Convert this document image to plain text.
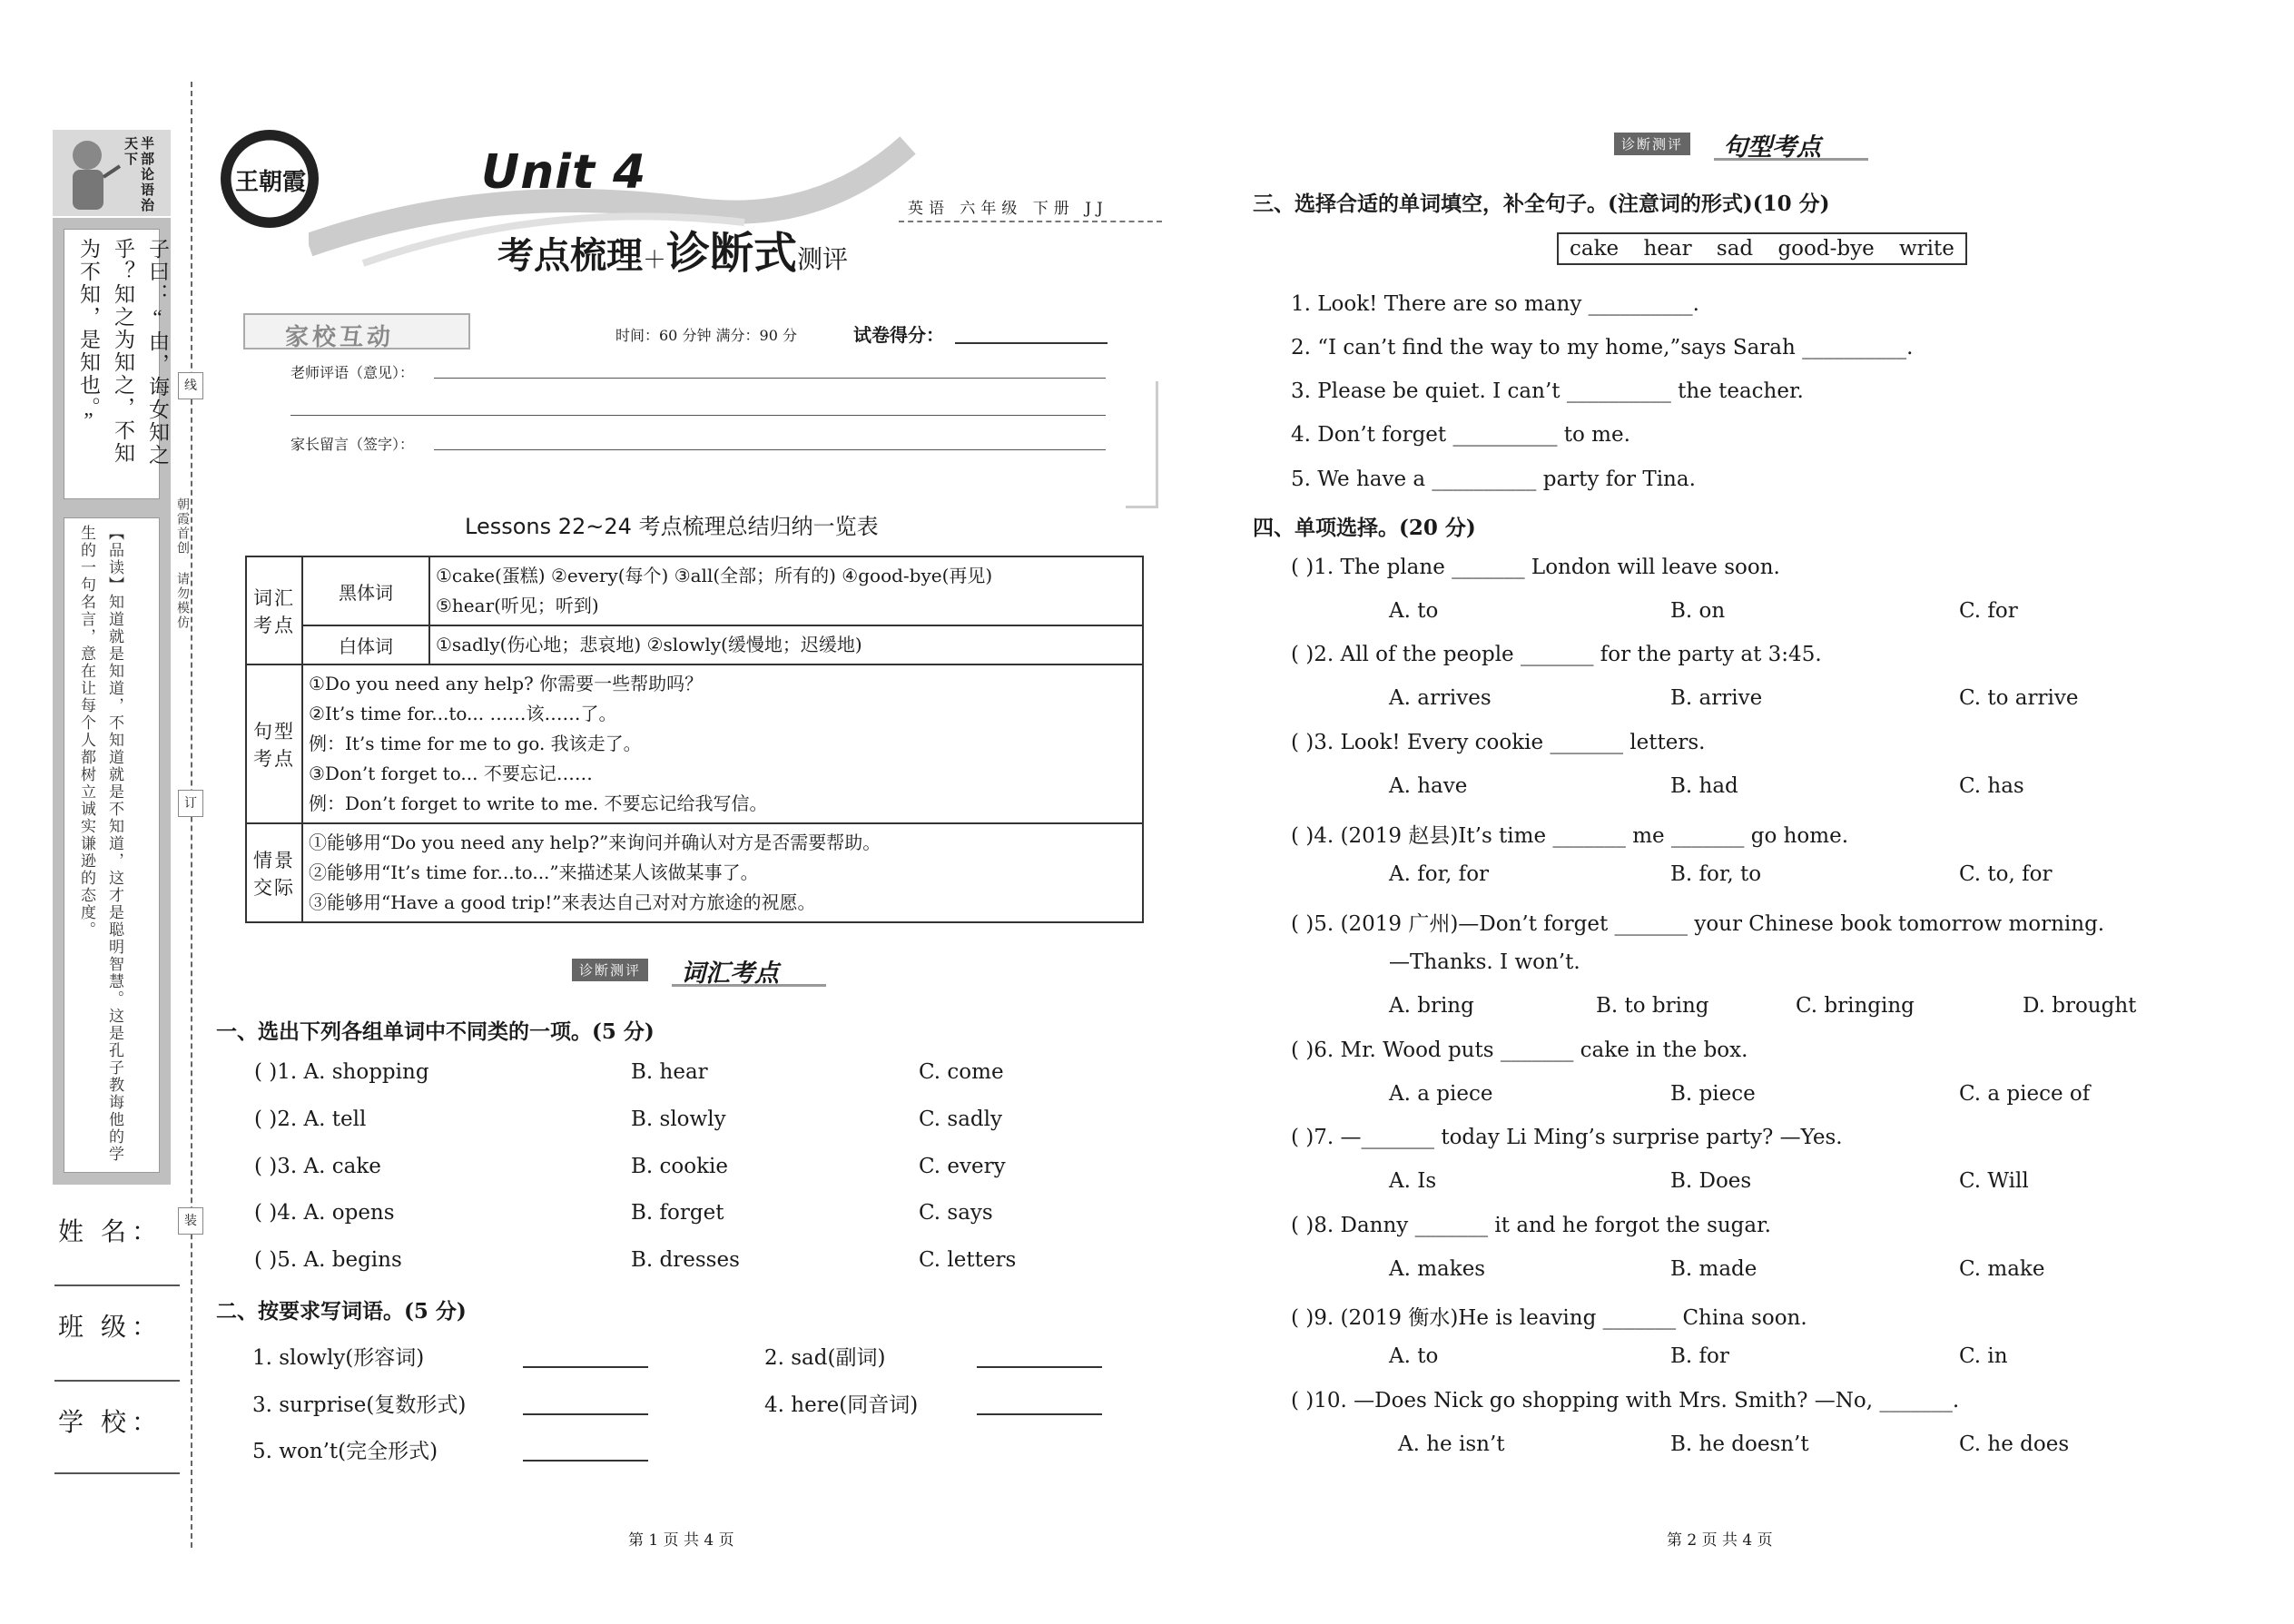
半部论语治天下
子曰：“由，诲女知之乎？知之为知之，不知为不知，是知也。”
【品读】知道就是知道，不知道就是不知道，这才是聪明智慧。这是孔子教诲他的学生的一句名言，意在让每个人都树立诚实谦逊的态度。
姓 名：
班 级：
学 校：
线
订
装
朝霞首创 请勿模仿
王朝霞	Unit 4
考点梳理＋诊断式测评
英语 六年级 下册 JJ
家校互动	时间：60 分钟 满分：90 分	试卷得分：
老师评语（意见）：
家长留言（签字）：
Lessons 22~24 考点梳理总结归纳一览表
词汇考点	黑体词	①cake(蛋糕) ②every(每个) ③all(全部；所有的) ④good-bye(再见)
⑤hear(听见；听到)

	白体词	①sadly(伤心地；悲哀地) ②slowly(缓慢地；迟缓地)
句型考点	①Do you need any help? 你需要一些帮助吗？
②It’s time for...to... ……该……了。
例：It’s time for me to go. 我该走了。
③Don’t forget to... 不要忘记……
例：Don’t forget to write to me. 不要忘记给我写信。	

情景交际	①能够用“Do you need any help?”来询问并确认对方是否需要帮助。
②能够用“It’s time for...to...”来描述某人该做某事了。
③能够用“Have a good trip!”来表达自己对对方旅途的祝愿。	
诊断测评 词汇考点
一、选出下列各组单词中不同类的一项。(5 分)
( )1. A. shopping	B. hear	C. come
( )2. A. tell	B. slowly	C. sadly
( )3. A. cake	B. cookie	C. every
( )4. A. opens	B. forget	C. says
( )5. A. begins	B. dresses	C. letters
二、按要求写词语。(5 分)
1. slowly(形容词)	2. sad(副词)
3. surprise(复数形式)	4. here(同音词)
5. won’t(完全形式)
第 1 页 共 4 页
诊断测评 句型考点
三、选择合适的单词填空，补全句子。(注意词的形式)(10 分)
cake hear sad good-bye write
1. Look! There are so many __________.
2. “I can’t find the way to my home,”says Sarah __________.
3. Please be quiet. I can’t __________ the teacher.
4. Don’t forget __________ to me.
5. We have a __________ party for Tina.
四、单项选择。(20 分)
( )1. The plane _______ London will leave soon.
A. to	B. on	C. for
( )2. All of the people _______ for the party at 3:45.
A. arrives	B. arrive	C. to arrive
( )3. Look! Every cookie _______ letters.
A. have	B. had	C. has
( )4. (2019 赵县)It’s time _______ me _______ go home.
A. for, for	B. for, to	C. to, for
( )5. (2019 广州)—Don’t forget _______ your Chinese book tomorrow morning.
—Thanks. I won’t.
A. bring	B. to bring	C. bringing	D. brought
( )6. Mr. Wood puts _______ cake in the box.
A. a piece	B. piece	C. a piece of
( )7. —_______ today Li Ming’s surprise party? —Yes.
A. Is	B. Does	C. Will
( )8. Danny _______ it and he forgot the sugar.
A. makes	B. made	C. make
( )9. (2019 衡水)He is leaving _______ China soon.
A. to	B. for	C. in
( )10. —Does Nick go shopping with Mrs. Smith? —No, _______.
A. he isn’t	B. he doesn’t	C. he does
第 2 页 共 4 页
